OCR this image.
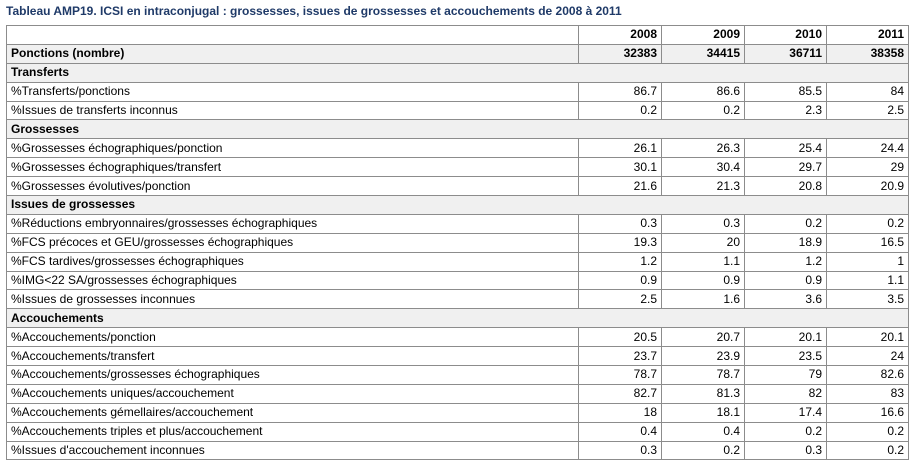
Tableau AMP19. ICSI en intraconjugal : grossesses, issues de grossesses et accouchements de 2008 à 2011
	2008	2009	2010	2011
Ponctions (nombre)	32383	34415	36711	38358
Transferts				
%Transferts/ponctions	86.7	86.6	85.5	84
%Issues de transferts inconnus	0.2	0.2	2.3	2.5
Grossesses				
%Grossesses échographiques/ponction	26.1	26.3	25.4	24.4
%Grossesses échographiques/transfert	30.1	30.4	29.7	29
%Grossesses évolutives/ponction	21.6	21.3	20.8	20.9
Issues de grossesses				
%Réductions embryonnaires/grossesses échographiques	0.3	0.3	0.2	0.2
%FCS précoces et GEU/grossesses échographiques	19.3	20	18.9	16.5
%FCS tardives/grossesses échographiques	1.2	1.1	1.2	1
%IMG<22 SA/grossesses échographiques	0.9	0.9	0.9	1.1
%Issues de grossesses inconnues	2.5	1.6	3.6	3.5
Accouchements				
%Accouchements/ponction	20.5	20.7	20.1	20.1
%Accouchements/transfert	23.7	23.9	23.5	24
%Accouchements/grossesses échographiques	78.7	78.7	79	82.6
%Accouchements uniques/accouchement	82.7	81.3	82	83
%Accouchements gémellaires/accouchement	18	18.1	17.4	16.6
%Accouchements triples et plus/accouchement	0.4	0.4	0.2	0.2
%Issues d'accouchement inconnues	0.3	0.2	0.3	0.2
